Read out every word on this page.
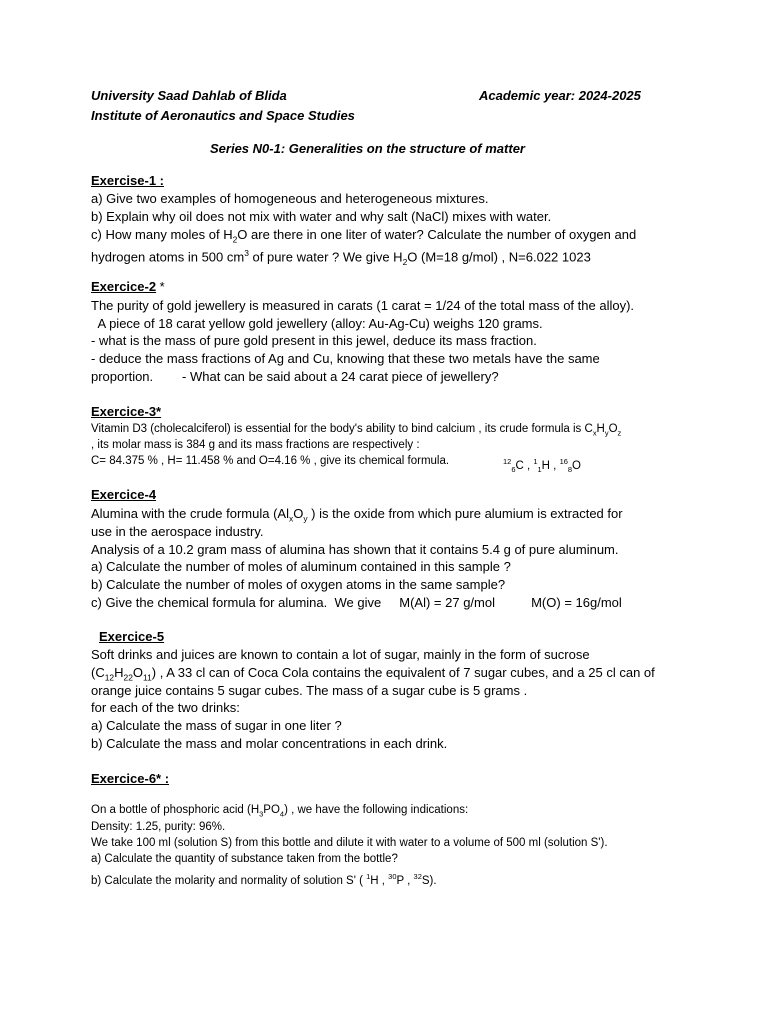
University Saad Dahlab of Blida	Academic year: 2024-2025
Institute of Aeronautics and Space Studies
Series N0-1: Generalities on the structure of matter
Exercise-1 :
a) Give two examples of homogeneous and heterogeneous mixtures.
b) Explain why oil does not mix with water and why salt (NaCl) mixes with water.
c) How many moles of $H_2O$ are there in one liter of water? Calculate the number of oxygen and
hydrogen atoms in 500 $cm^3$ of pure water ? We give $H_2O$ (M=18 g/mol) , N=6.022 1023
Exercice-2 *
The purity of gold jewellery is measured in carats (1 carat = 1/24 of the total mass of the alloy).
A piece of 18 carat yellow gold jewellery (alloy: Au-Ag-Cu) weighs 120 grams.
- what is the mass of pure gold present in this jewel, deduce its mass fraction.
- deduce the mass fractions of Ag and Cu, knowing that these two metals have the same
proportion.        - What can be said about a 24 carat piece of jewellery?
Exercice-3*
Vitamin D3 (cholecalciferol) is essential for the body's ability to bind calcium , its crude formula is $C_xH_yO_z$
, its molar mass is 384 g and its mass fractions are respectively :
C= 84.375 % , H= 11.458 % and O=4.16 % , give its chemical formula.	$^{12}_6$C , $^1_1$H , $^{16}_8$O
Exercice-4
Alumina with the crude formula ($Al_xO_y$ ) is the oxide from which pure alumium is extracted for
use in the aerospace industry.
Analysis of a 10.2 gram mass of alumina has shown that it contains 5.4 g of pure aluminum.
a) Calculate the number of moles of aluminum contained in this sample ?
b) Calculate the number of moles of oxygen atoms in the same sample?
c) Give the chemical formula for alumina.  We give     M(Al) = 27 g/mol          M(O) = 16g/mol
Exercice-5
Soft drinks and juices are known to contain a lot of sugar, mainly in the form of sucrose
$(C_{12}H_{22}O_{11})$ , A 33 cl can of Coca Cola contains the equivalent of 7 sugar cubes, and a 25 cl can of
orange juice contains 5 sugar cubes. The mass of a sugar cube is 5 grams .
for each of the two drinks:
a) Calculate the mass of sugar in one liter ?
b) Calculate the mass and molar concentrations in each drink.
Exercice-6* :
On a bottle of phosphoric acid $(H_3PO_4)$ , we have the following indications:
Density: 1.25, purity: 96%.
We take 100 ml (solution S) from this bottle and dilute it with water to a volume of 500 ml (solution S').
a) Calculate the quantity of substance taken from the bottle?
b) Calculate the molarity and normality of solution S' ( $^1$H , $^{30}$P , $^{32}$S).
